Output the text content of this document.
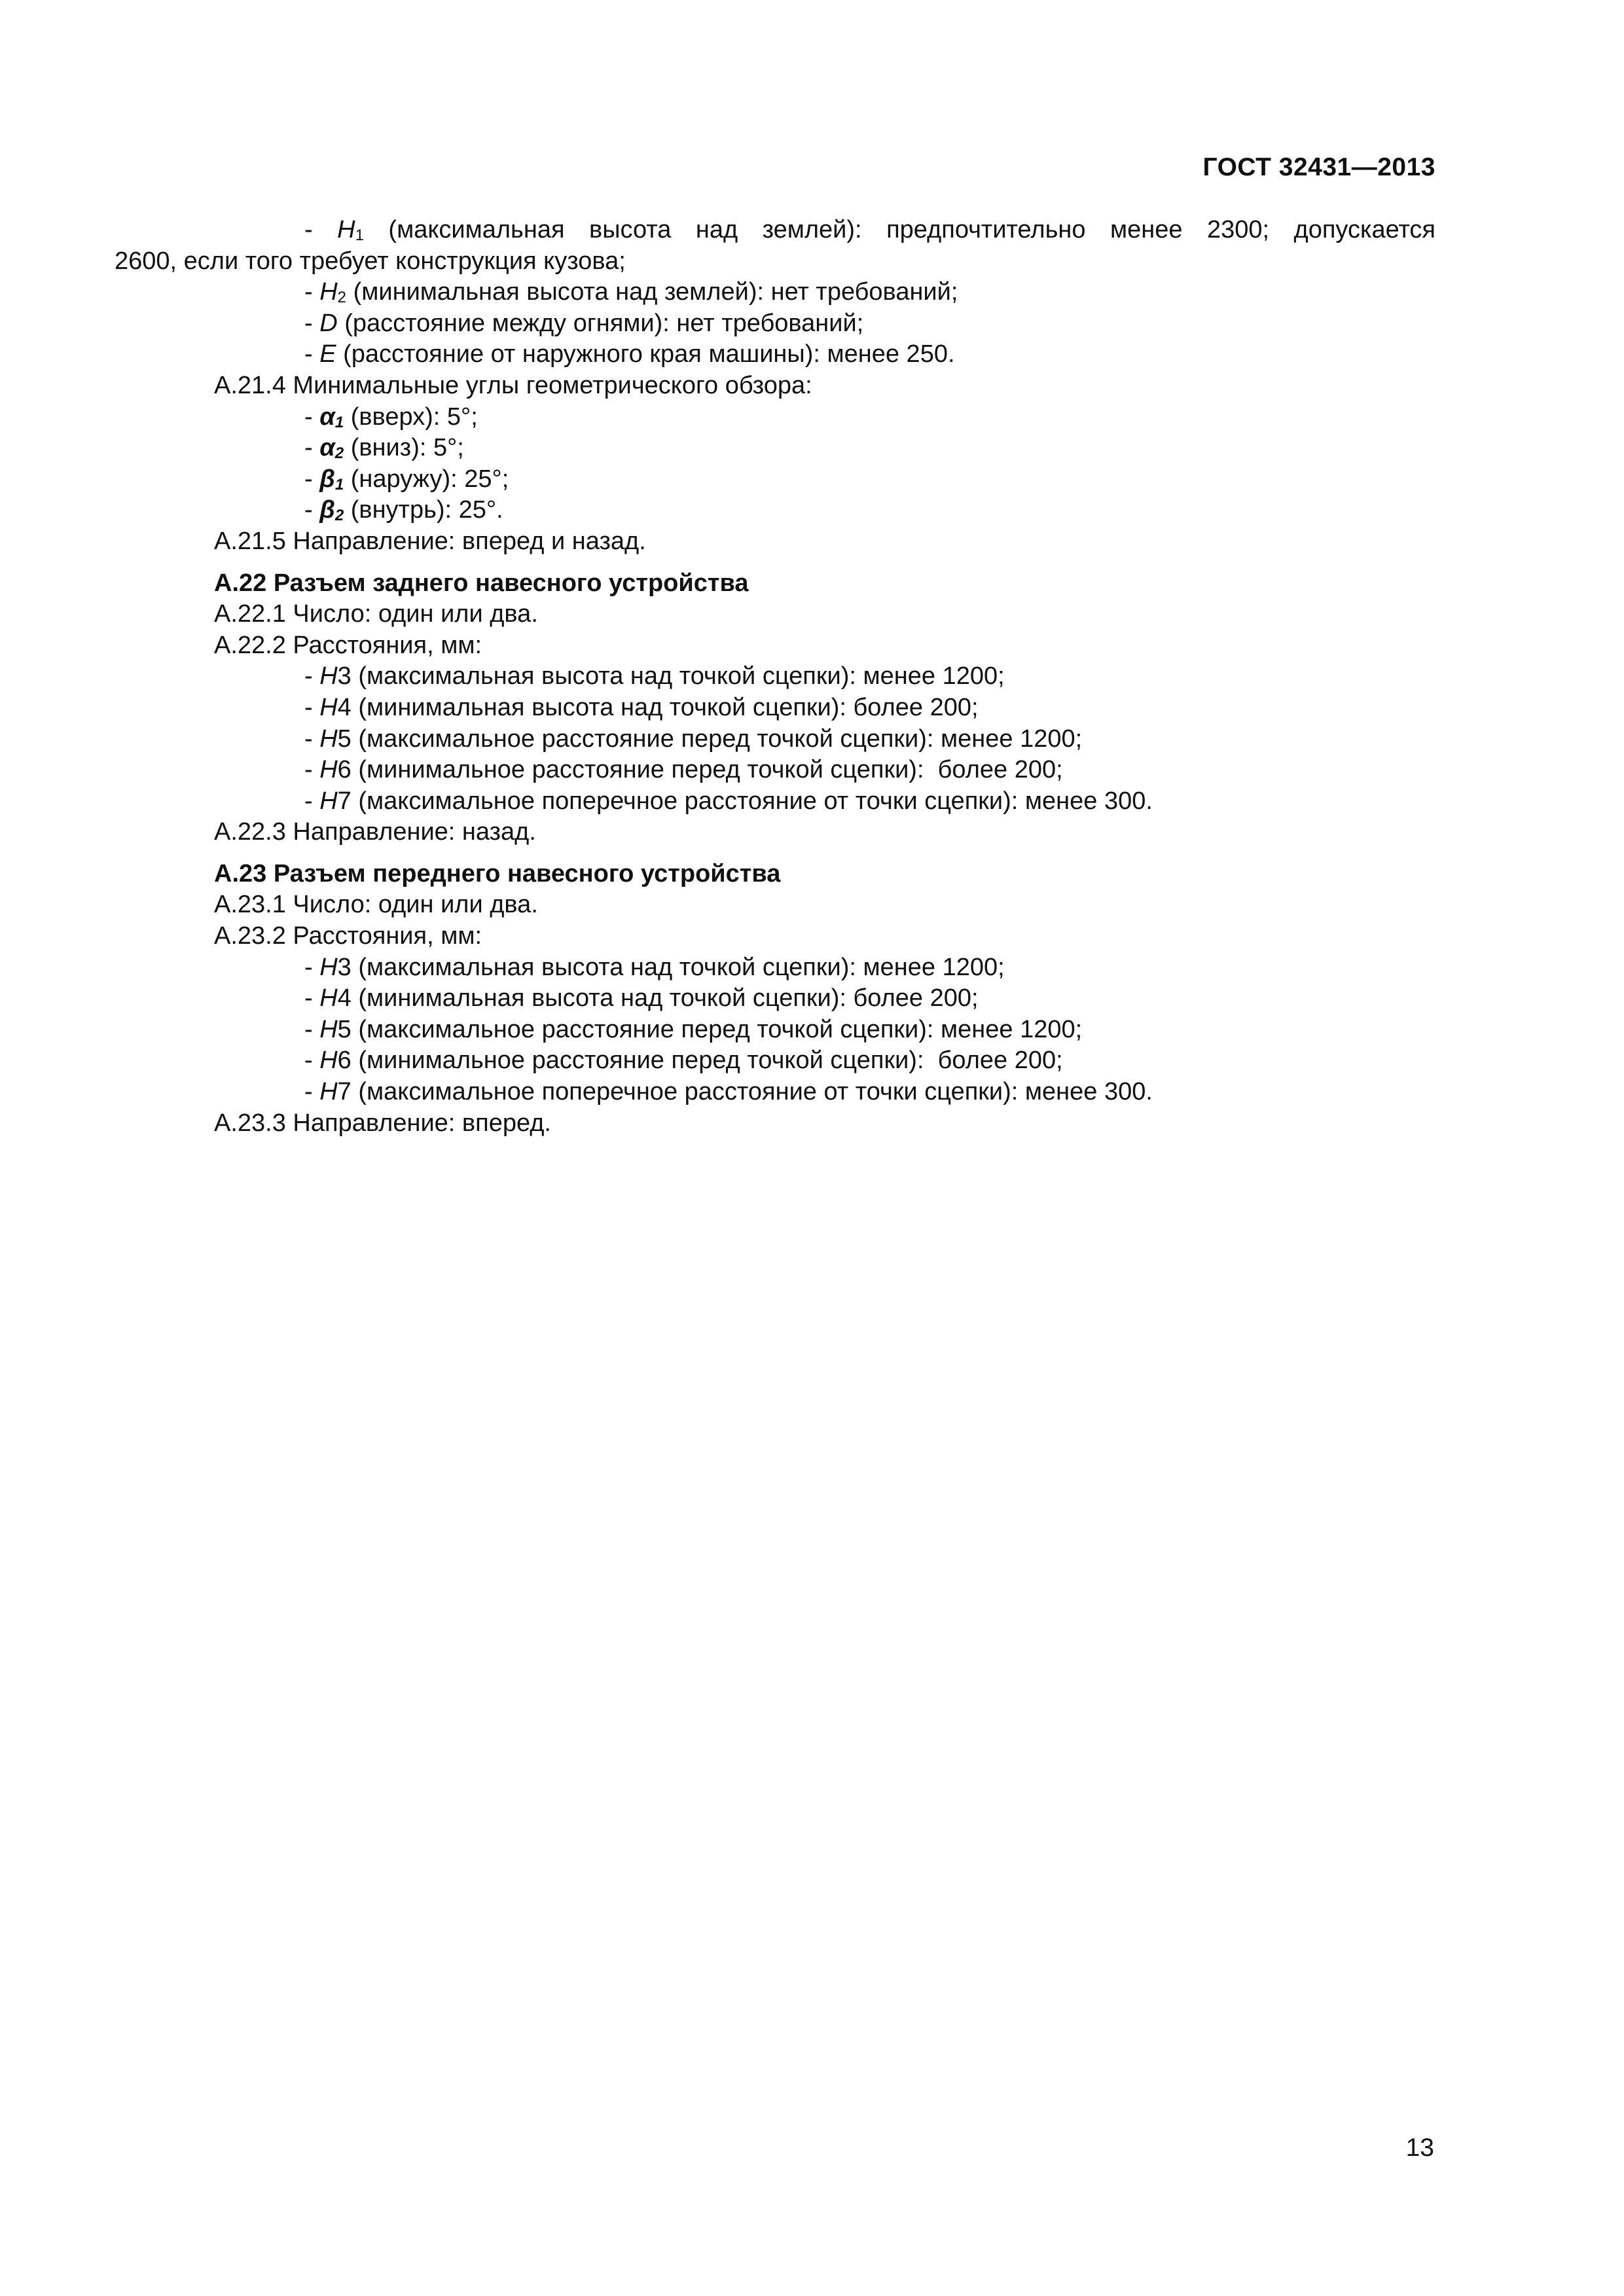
ГОСТ 32431—2013
- $H_1$ (максимальная высота над землей): предпочтительно менее 2300; допускается
2600, если того требует конструкция кузова;
- $H_2$ (минимальная высота над землей): нет требований;
- D (расстояние между огнями): нет требований;
- E (расстояние от наружного края машины): менее 250.
А.21.4 Минимальные углы геометрического обзора:
- $\alpha_1$ (вверх): 5°;
- $\alpha_2$ (вниз): 5°;
- $\beta_1$ (наружу): 25°;
- $\beta_2$ (внутрь): 25°.
А.21.5 Направление: вперед и назад.
А.22 Разъем заднего навесного устройства
А.22.1 Число: один или два.
А.22.2 Расстояния, мм:
- H3 (максимальная высота над точкой сцепки): менее 1200;
- H4 (минимальная высота над точкой сцепки): более 200;
- H5 (максимальное расстояние перед точкой сцепки): менее 1200;
- H6 (минимальное расстояние перед точкой сцепки):  более 200;
- H7 (максимальное поперечное расстояние от точки сцепки): менее 300.
А.22.3 Направление: назад.
А.23 Разъем переднего навесного устройства
А.23.1 Число: один или два.
А.23.2 Расстояния, мм:
- H3 (максимальная высота над точкой сцепки): менее 1200;
- H4 (минимальная высота над точкой сцепки): более 200;
- H5 (максимальное расстояние перед точкой сцепки): менее 1200;
- H6 (минимальное расстояние перед точкой сцепки):  более 200;
- H7 (максимальное поперечное расстояние от точки сцепки): менее 300.
А.23.3 Направление: вперед.
13
